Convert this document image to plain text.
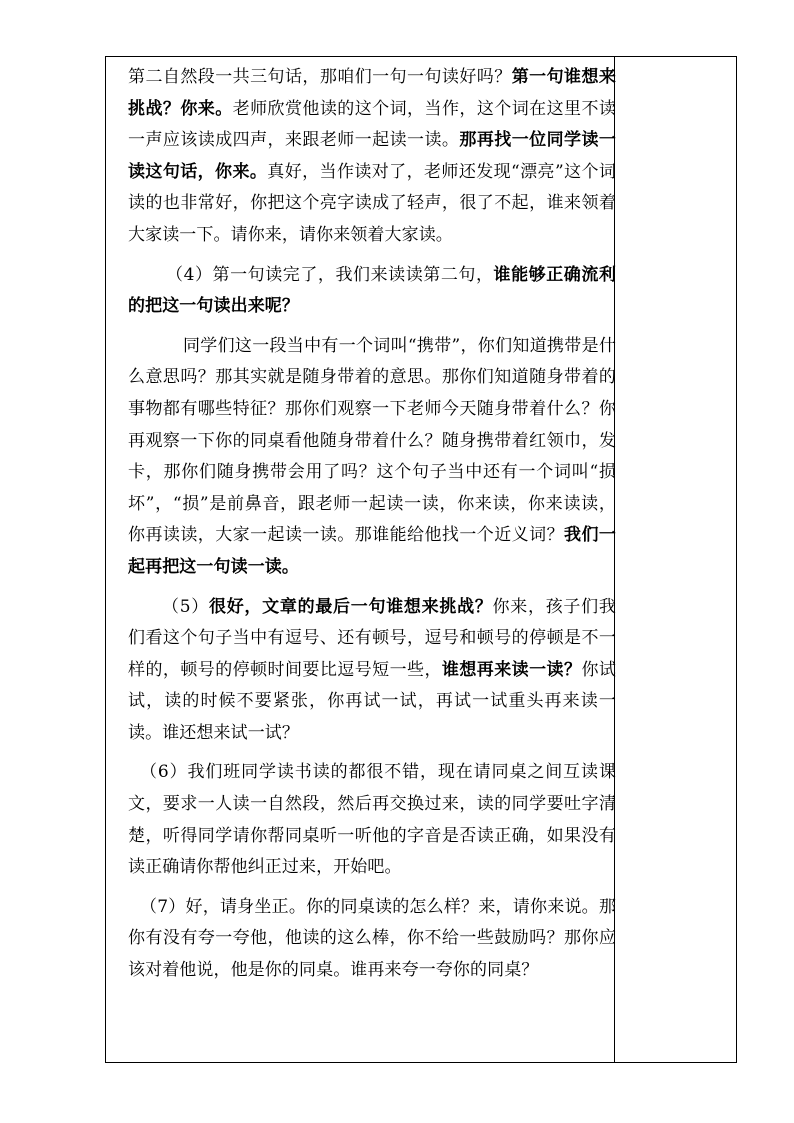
第二自然段一共三句话，那咱们一句一句读好吗？第一句谁想来挑战？你来。老师欣赏他读的这个词，当作，这个词在这里不读一声应该读成四声，来跟老师一起读一读。那再找一位同学读一读这句话，你来。真好，当作读对了，老师还发现“漂亮”这个词读的也非常好，你把这个亮字读成了轻声，很了不起，谁来领着大家读一下。请你来，请你来领着大家读。

（4）第一句读完了，我们来读读第二句，谁能够正确流利的把这一句读出来呢？

同学们这一段当中有一个词叫“携带”，你们知道携带是什么意思吗？那其实就是随身带着的意思。那你们知道随身带着的事物都有哪些特征？那你们观察一下老师今天随身带着什么？你再观察一下你的同桌看他随身带着什么？随身携带着红领巾，发卡，那你们随身携带会用了吗？这个句子当中还有一个词叫“损坏”，“损”是前鼻音，跟老师一起读一读，你来读，你来读读，你再读读，大家一起读一读。那谁能给他找一个近义词？我们一起再把这一句读一读。

（5）很好，文章的最后一句谁想来挑战？你来，孩子们我们看这个句子当中有逗号、还有顿号，逗号和顿号的停顿是不一样的，顿号的停顿时间要比逗号短一些，谁想再来读一读？你试试，读的时候不要紧张，你再试一试，再试一试重头再来读一读。谁还想来试一试？

（6）我们班同学读书读的都很不错，现在请同桌之间互读课文，要求一人读一自然段，然后再交换过来，读的同学要吐字清楚，听得同学请你帮同桌听一听他的字音是否读正确，如果没有读正确请你帮他纠正过来，开始吧。

（7）好，请身坐正。你的同桌读的怎么样？来，请你来说。那你有没有夸一夸他，他读的这么棒，你不给一些鼓励吗？那你应该对着他说，他是你的同桌。谁再来夸一夸你的同桌？
